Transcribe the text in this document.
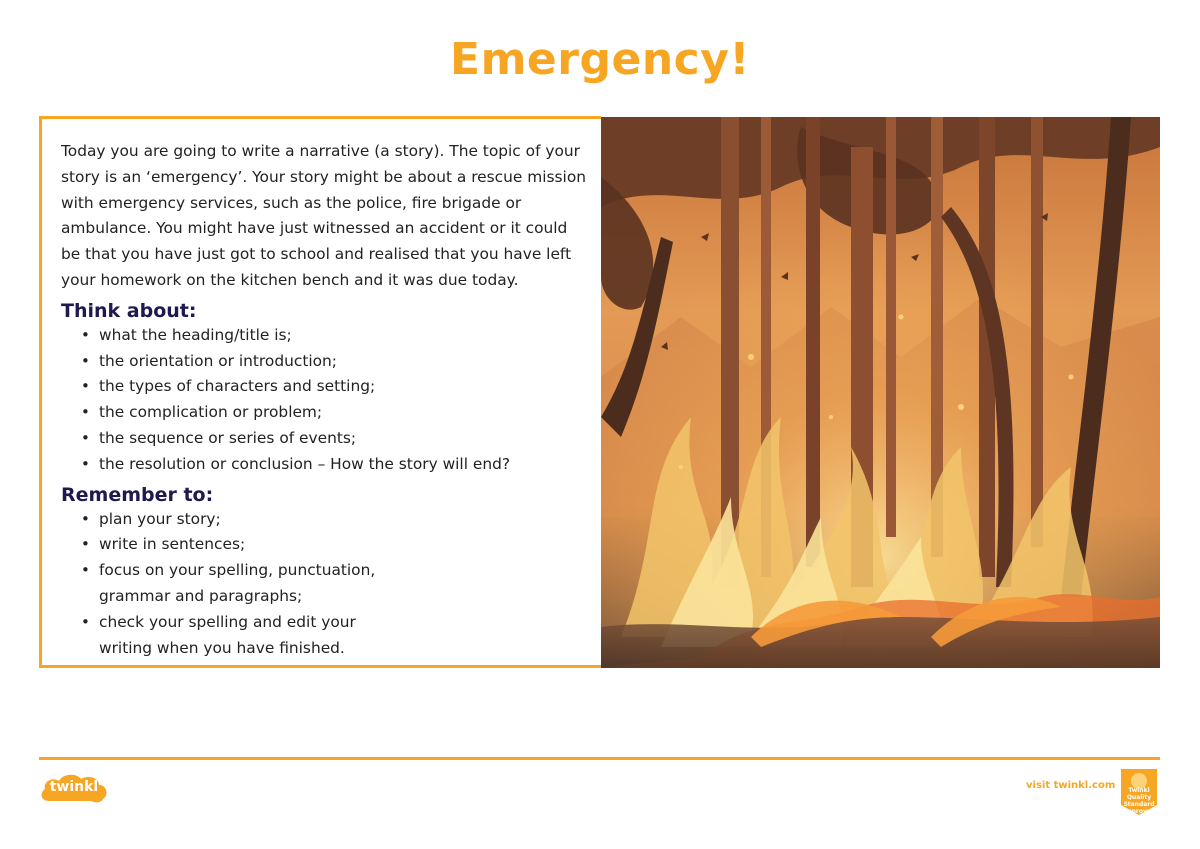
Emergency!

Today you are going to write a narrative (a story). The topic of your story is an ‘emergency’. Your story might be about a rescue mission with emergency services, such as the police, fire brigade or ambulance. You might have just witnessed an accident or it could be that you have just got to school and realised that you have left your homework on the kitchen bench and it was due today.

Think about:
• what the heading/title is;
• the orientation or introduction;
• the types of characters and setting;
• the complication or problem;
• the sequence or series of events;
• the resolution or conclusion – How the story will end?
Remember to:
• plan your story;
• write in sentences;
• focus on your spelling, punctuation,
grammar and paragraphs;
• check your spelling and edit your
writing when you have finished.
twinkl	visit twinkl.com	Twinkl
Quality Standard
Approved
